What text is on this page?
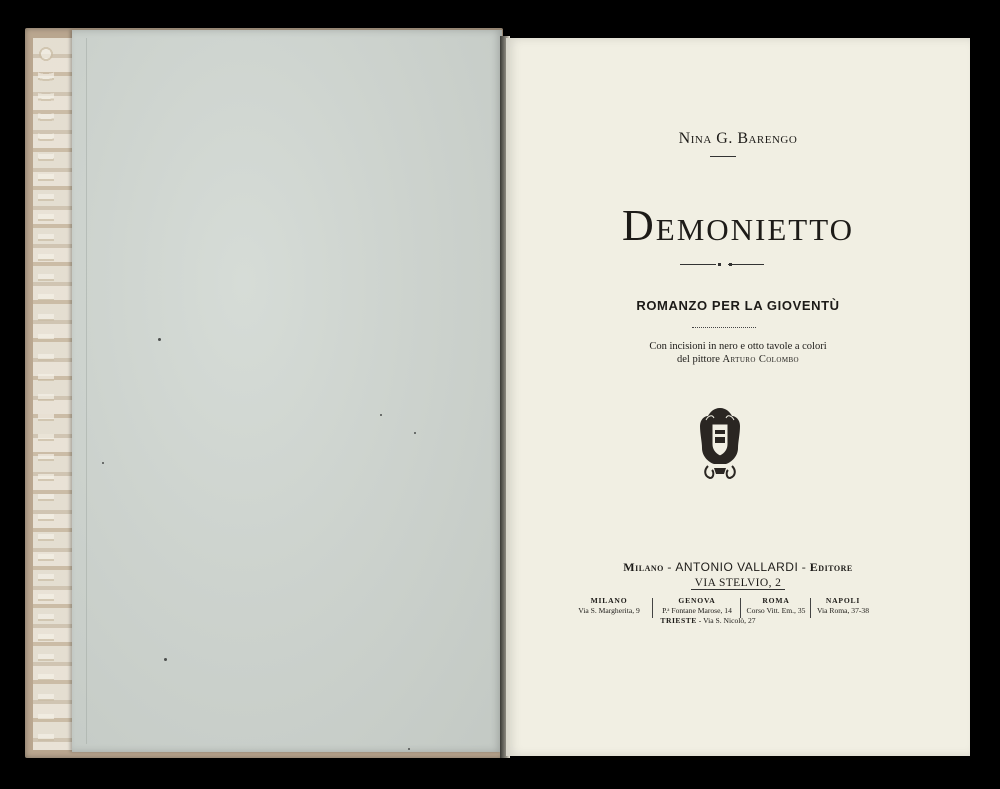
Nina G. Barengo
Demonietto
ROMANZO PER LA GIOVENTÙ
Con incisioni in nero e otto tavole a colori
del pittore Arturo Colombo
Milano - ANTONIO VALLARDI - Editore
VIA STELVIO, 2
MILANO
Via S. Margherita, 9
GENOVA
P.ᵃ Fontane Marose, 14
ROMA
Corso Vitt. Em., 35
NAPOLI
Via Roma, 37-38
TRIESTE - Via S. Nicolò, 27
